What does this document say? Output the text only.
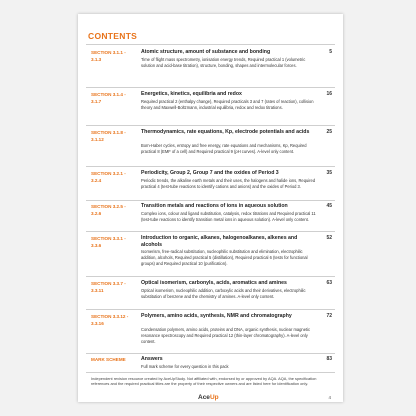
CONTENTS
SECTION 3.1.1 - 3.1.3
Atomic structure, amount of substance and bonding	5
Time of flight mass spectrometry, ionisation energy trends, Required practical 1 (volumetric solution and acid-base titration), structure, bonding, shapes and intermolecular forces.
SECTION 3.1.4 - 3.1.7
Energetics, kinetics, equilibria and redox	16
Required practical 2 (enthalpy change), Required practicals 3 and 7 (rates of reaction), collision theory and Maxwell-Boltzmann, industrial equilibria, redox and redox titrations.
SECTION 3.1.8 - 3.1.12
Thermodynamics, rate equations, Kp, electrode potentials and acids	25
Born-Haber cycles, entropy and free energy, rate equations and mechanisms, Kp, Required practical 8 (EMF of a cell) and Required practical 9 (pH curves). A-level only content.
SECTION 3.2.1 - 3.2.4
Periodicity, Group 2, Group 7 and the oxides of Period 3	35
Periodic trends, the alkaline earth metals and their uses, the halogens and halide ions, Required practical 4 (test-tube reactions to identify cations and anions) and the oxides of Period 3.
SECTION 3.2.5 - 3.2.6
Transition metals and reactions of ions in aqueous solution	45
Complex ions, colour and ligand substitution, catalysis, redox titrations and Required practical 11 (test-tube reactions to identify transition metal ions in aqueous solution). A-level only content.
SECTION 3.3.1 - 3.3.6
Introduction to organic, alkanes, halogenoalkanes, alkenes and alcohols
52
Isomerism, free-radical substitution, nucleophilic substitution and elimination, electrophilic addition, alcohols, Required practical 5 (distillation), Required practical 6 (tests for functional groups) and Required practical 10 (purification).
SECTION 3.3.7 - 3.3.11
Optical isomerism, carbonyls, acids, aromatics and amines	63
Optical isomerism, nucleophilic addition, carboxylic acids and their derivatives, electrophilic substitution of benzene and the chemistry of amines. A-level only content.
SECTION 3.3.12 - 3.3.16
Polymers, amino acids, synthesis, NMR and chromatography	72
Condensation polymers, amino acids, proteins and DNA, organic synthesis, nuclear magnetic resonance spectroscopy and Required practical 12 (thin-layer chromatography). A-level only content.
MARK SCHEME	Answers	83
Full mark scheme for every question in this pack
Independent revision resource created by AceUpStudy. Not affiliated with, endorsed by or approved by AQA. AQA, the specification references and the required practical titles are the property of their respective owners and are listed here for identification only.
AceUp	4
